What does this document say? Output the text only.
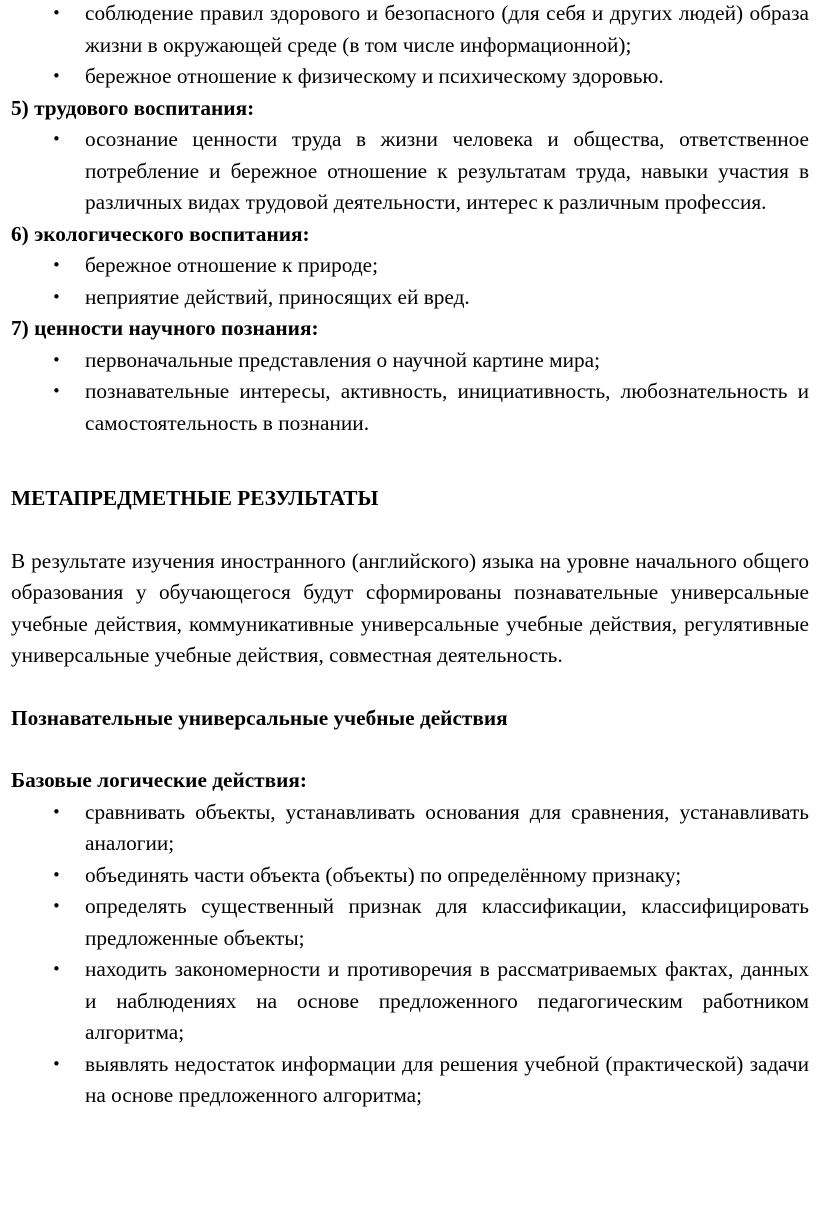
• соблюдение правил здорового и безопасного (для себя и других людей) образа жизни в окружающей среде (в том числе информационной);
• бережное отношение к физическому и психическому здоровью.

5) трудового воспитания:

• осознание ценности труда в жизни человека и общества, ответственное потребление и бережное отношение к результатам труда, навыки участия в различных видах трудовой деятельности, интерес к различным профессия.

6) экологического воспитания:

• бережное отношение к природе;
• неприятие действий, приносящих ей вред.

7) ценности научного познания:

• первоначальные представления о научной картине мира;
• познавательные интересы, активность, инициативность, любознательность и самостоятельность в познании.

МЕТАПРЕДМЕТНЫЕ РЕЗУЛЬТАТЫ

В результате изучения иностранного (английского) языка на уровне начального общего образования у обучающегося будут сформированы познавательные универсальные учебные действия, коммуникативные универсальные учебные действия, регулятивные универсальные учебные действия, совместная деятельность.

Познавательные универсальные учебные действия

Базовые логические действия:

• сравнивать объекты, устанавливать основания для сравнения, устанавливать аналогии;
• объединять части объекта (объекты) по определённому признаку;
• определять существенный признак для классификации, классифицировать предложенные объекты;
• находить закономерности и противоречия в рассматриваемых фактах, данных и наблюдениях на основе предложенного педагогическим работником алгоритма;
• выявлять недостаток информации для решения учебной (практической) задачи на основе предложенного алгоритма;
